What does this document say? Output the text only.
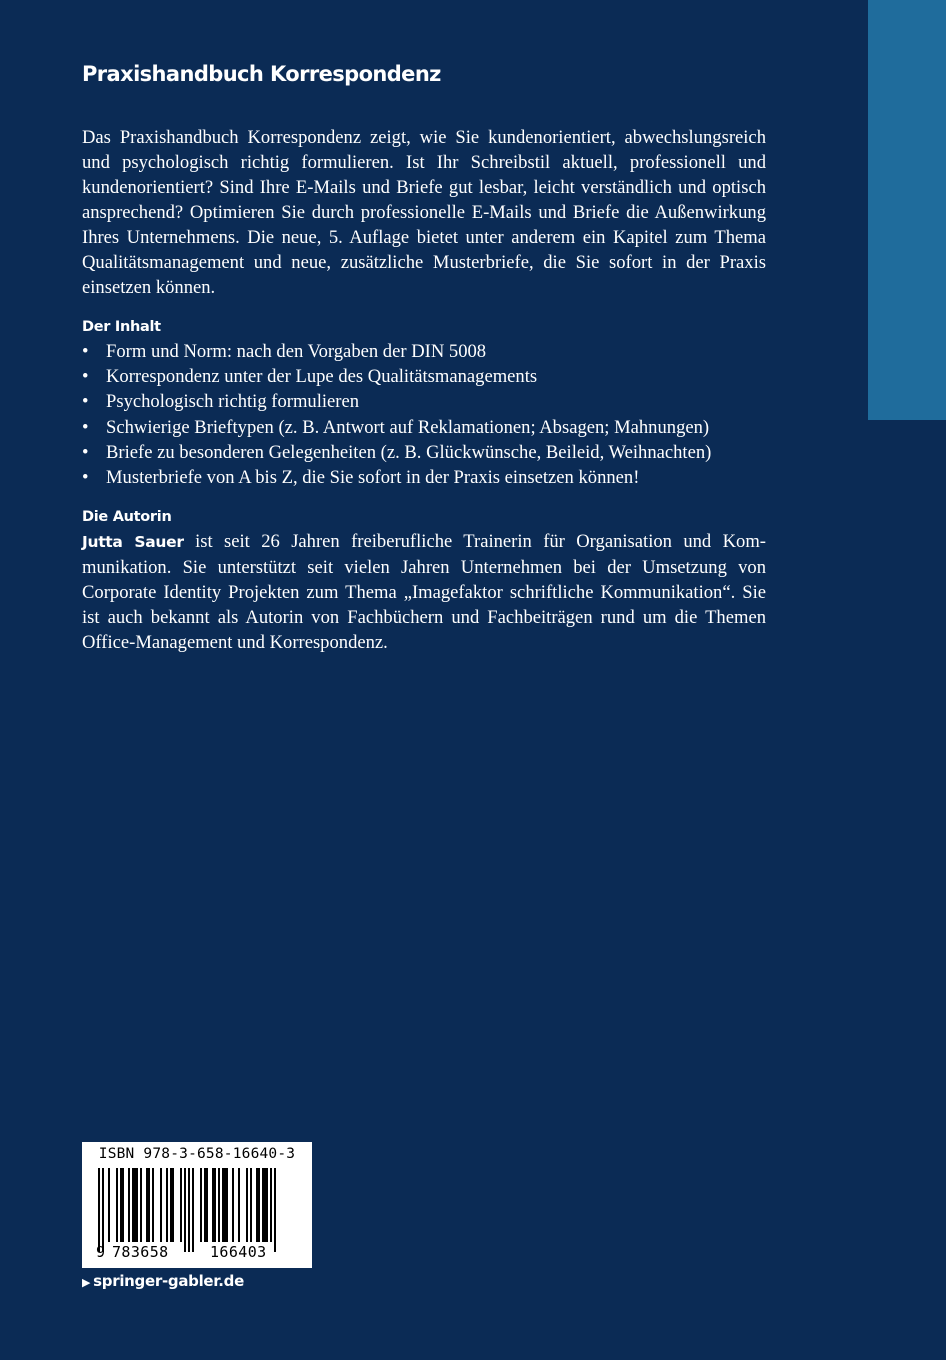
Praxishandbuch Korrespondenz

Das Praxishandbuch Korrespondenz zeigt, wie Sie kundenorientiert, abwechslungsreich und psychologisch richtig formulieren. Ist Ihr Schreibstil aktuell, professionell und kundenorientiert? Sind Ihre E-Mails und Briefe gut lesbar, leicht verständlich und optisch ansprechend? Optimieren Sie durch professionelle E-Mails und Briefe die Außenwirkung Ihres Unternehmens. Die neue, 5. Auflage bietet unter anderem ein Kapitel zum Thema Qualitätsmanagement und neue, zusätzliche Musterbriefe, die Sie sofort in der Praxis einsetzen können.

Der Inhalt
• Form und Norm: nach den Vorgaben der DIN 5008
• Korrespondenz unter der Lupe des Qualitätsmanagements
• Psychologisch richtig formulieren
• Schwierige Brieftypen (z. B. Antwort auf Reklamationen; Absagen; Mahnungen)
• Briefe zu besonderen Gelegenheiten (z. B. Glückwünsche, Beileid, Weihnachten)
• Musterbriefe von A bis Z, die Sie sofort in der Praxis einsetzen können!
Die Autorin

Jutta Sauer ist seit 26 Jahren freiberufliche Trainerin für Organisation und Kommunikation. Sie unterstützt seit vielen Jahren Unternehmen bei der Umsetzung von Corporate Identity Projekten zum Thema „Imagefaktor schriftliche Kommunikation“. Sie ist auch bekannt als Autorin von Fachbüchern und Fachbeiträgen rund um die Themen Office-Management und Korrespondenz.

ISBN 978-3-658-16640-3
9 783658	166403
▶ springer-gabler.de
